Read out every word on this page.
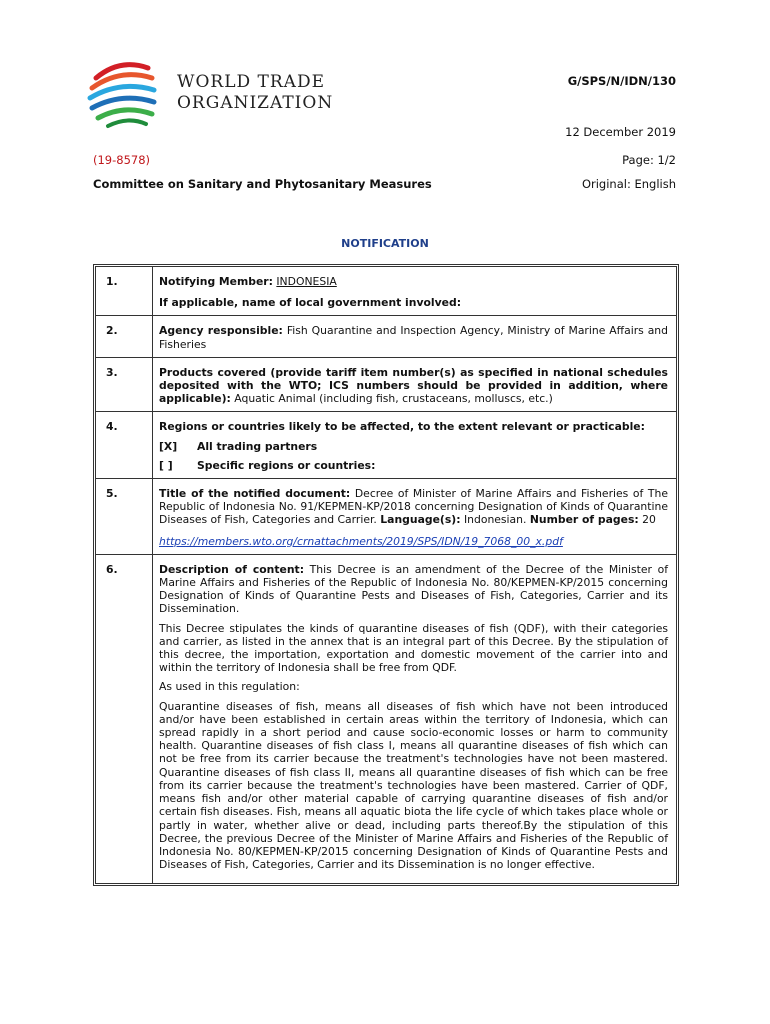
WORLD TRADE
ORGANIZATION
G/SPS/N/IDN/130
12 December 2019
(19-8578)	Page: 1/2
Committee on Sanitary and Phytosanitary Measures	Original: English
NOTIFICATION
1.	Notifying Member: INDONESIA
If applicable, name of local government involved:

2.	Agency responsible: Fish Quarantine and Inspection Agency, Ministry of Marine Affairs and Fisheries
3.	Products covered (provide tariff item number(s) as specified in national schedules deposited with the WTO; ICS numbers should be provided in addition, where applicable): Aquatic Animal (including fish, crustaceans, molluscs, etc.)
4.	Regions or countries likely to be affected, to the extent relevant or practicable:
[X] All trading partners
[ ] Specific regions or countries:

5.	Title of the notified document: Decree of Minister of Marine Affairs and Fisheries of The Republic of Indonesia No. 91/KEPMEN-KP/2018 concerning Designation of Kinds of Quarantine Diseases of Fish, Categories and Carrier. Language(s): Indonesian. Number of pages: 20
https://members.wto.org/crnattachments/2019/SPS/IDN/19_7068_00_x.pdf

6.	Description of content: This Decree is an amendment of the Decree of the Minister of Marine Affairs and Fisheries of the Republic of Indonesia No. 80/KEPMEN-KP/2015 concerning Designation of Kinds of Quarantine Pests and Diseases of Fish, Categories, Carrier and its Dissemination.

This Decree stipulates the kinds of quarantine diseases of fish (QDF), with their categories and carrier, as listed in the annex that is an integral part of this Decree. By the stipulation of this decree, the importation, exportation and domestic movement of the carrier into and within the territory of Indonesia shall be free from QDF.

As used in this regulation:

Quarantine diseases of fish, means all diseases of fish which have not been introduced and/or have been established in certain areas within the territory of Indonesia, which can spread rapidly in a short period and cause socio-economic losses or harm to community health. Quarantine diseases of fish class I, means all quarantine diseases of fish which can not be free from its carrier because the treatment's technologies have not been mastered. Quarantine diseases of fish class II, means all quarantine diseases of fish which can be free from its carrier because the treatment's technologies have been mastered. Carrier of QDF, means fish and/or other material capable of carrying quarantine diseases of fish and/or certain fish diseases. Fish, means all aquatic biota the life cycle of which takes place whole or partly in water, whether alive or dead, including parts thereof.By the stipulation of this Decree, the previous Decree of the Minister of Marine Affairs and Fisheries of the Republic of Indonesia No. 80/KEPMEN-KP/2015 concerning Designation of Kinds of Quarantine Pests and Diseases of Fish, Categories, Carrier and its Dissemination is no longer effective.
